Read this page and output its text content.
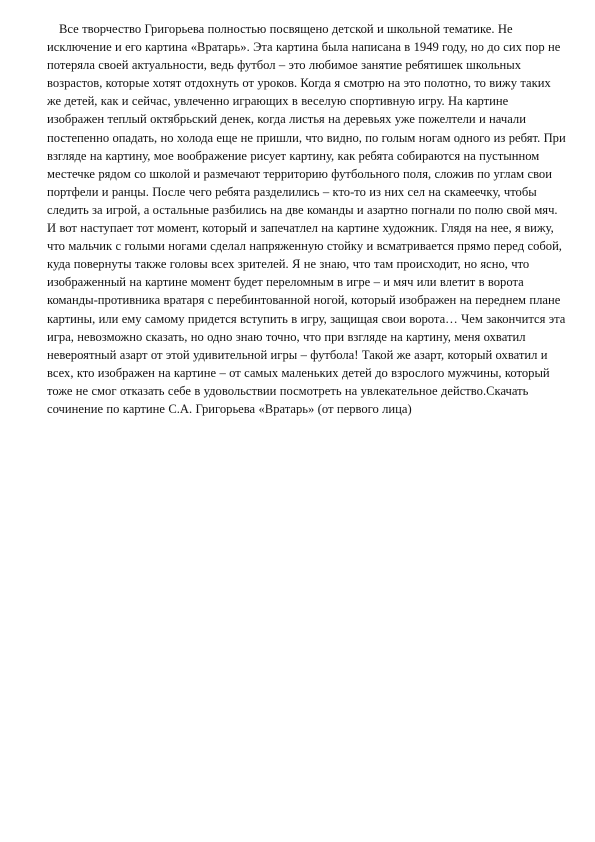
Все творчество Григорьева полностью посвящено детской и школьной тематике. Не исключение и его картина «Вратарь». Эта картина была написана в 1949 году, но до сих пор не потеряла своей актуальности, ведь футбол – это любимое занятие ребятишек школьных возрастов, которые хотят отдохнуть от уроков. Когда я смотрю на это полотно, то вижу таких же детей, как и сейчас, увлеченно играющих в веселую спортивную игру. На картине изображен теплый октябрьский денек, когда листья на деревьях уже пожелтели и начали постепенно опадать, но холода еще не пришли, что видно, по голым ногам одного из ребят. При взгляде на картину, мое воображение рисует картину, как ребята собираются на пустынном местечке рядом со школой и размечают территорию футбольного поля, сложив по углам свои портфели и ранцы. После чего ребята разделились – кто-то из них сел на скамеечку, чтобы следить за игрой, а остальные разбились на две команды и азартно погнали по полю свой мяч. И вот наступает тот момент, который и запечатлел на картине художник. Глядя на нее, я вижу, что мальчик с голыми ногами сделал напряженную стойку и всматривается прямо перед собой, куда повернуты также головы всех зрителей. Я не знаю, что там происходит, но ясно, что изображенный на картине момент будет переломным в игре – и мяч или влетит в ворота команды-противника вратаря с перебинтованной ногой, который изображен на переднем плане картины, или ему самому придется вступить в игру, защищая свои ворота… Чем закончится эта игра, невозможно сказать, но одно знаю точно, что при взгляде на картину, меня охватил невероятный азарт от этой удивительной игры – футбола! Такой же азарт, который охватил и всех, кто изображен на картине – от самых маленьких детей до взрослого мужчины, который тоже не смог отказать себе в удовольствии посмотреть на увлекательное действо.Скачать сочинение по картине С.А. Григорьева «Вратарь» (от первого лица)
